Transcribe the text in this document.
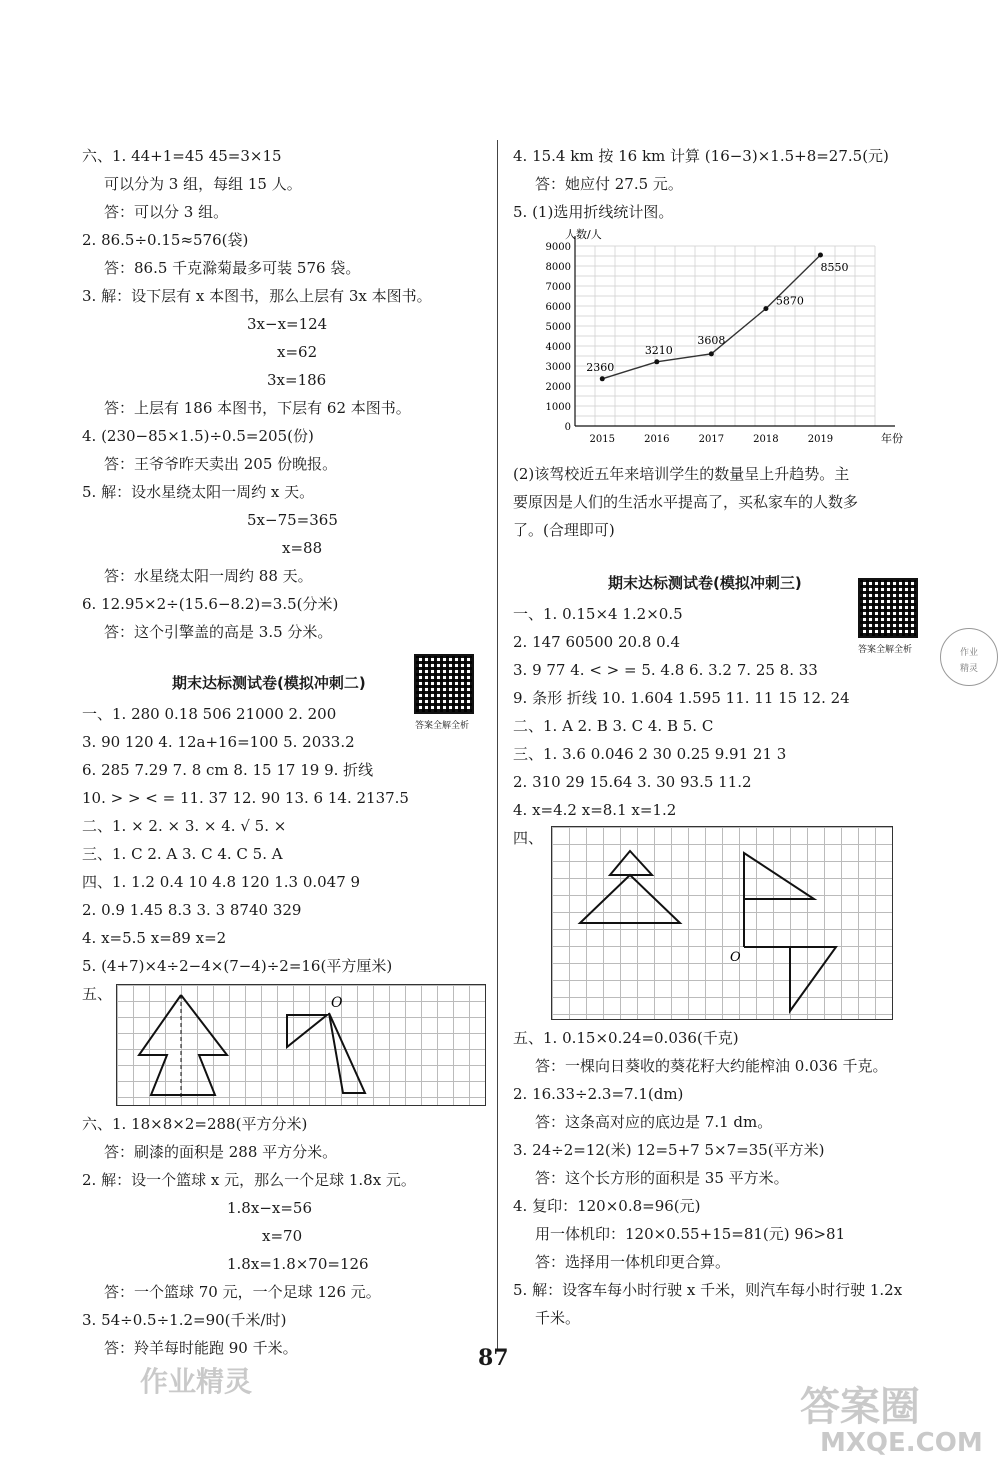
六、1. 44+1=45 45=3×15
可以分为 3 组，每组 15 人。
答：可以分 3 组。
2. 86.5÷0.15≈576(袋)
答：86.5 千克滁菊最多可装 576 袋。
3. 解：设下层有 x 本图书，那么上层有 3x 本图书。
3x−x=124
x=62
3x=186
答：上层有 186 本图书，下层有 62 本图书。
4. (230−85×1.5)÷0.5=205(份)
答：王爷爷昨天卖出 205 份晚报。
5. 解：设水星绕太阳一周约 x 天。
5x−75=365
x=88
答：水星绕太阳一周约 88 天。
6. 12.95×2÷(15.6−8.2)=3.5(分米)
答：这个引擎盖的高是 3.5 分米。
期末达标测试卷(模拟冲刺二)
一、1. 280 0.18 506 21000 2. 200
3. 90 120 4. 12a+16=100 5. 2033.2
6. 285 7.29 7. 8 cm 8. 15 17 19 9. 折线
10. > > < = 11. 37 12. 90 13. 6 14. 2137.5
二、1. × 2. × 3. × 4. √ 5. ×
三、1. C 2. A 3. C 4. C 5. A
四、1. 1.2 0.4 10 4.8 120 1.3 0.047 9
2. 0.9 1.45 8.3 3. 3 8740 329
4. x=5.5 x=89 x=2
5. (4+7)×4÷2−4×(7−4)÷2=16(平方厘米)
五、	O
六、1. 18×8×2=288(平方分米)
答：刷漆的面积是 288 平方分米。
2. 解：设一个篮球 x 元，那么一个足球 1.8x 元。
1.8x−x=56
x=70
1.8x=1.8×70=126
答：一个篮球 70 元，一个足球 126 元。
3. 54÷0.5÷1.2=90(千米/时)
答：羚羊每时能跑 90 千米。
答案全解全析
4. 15.4 km 按 16 km 计算 (16−3)×1.5+8=27.5(元)
答：她应付 27.5 元。
5. (1)选用折线统计图。
0
1000
2000
3000
4000
5000
6000
7000
8000
9000
人数/人
年份
2015	2016	2017	2018	2019
2360
3210
3608
5870
8550
(2)该驾校近五年来培训学生的数量呈上升趋势。主
要原因是人们的生活水平提高了，买私家车的人数多
了。(合理即可)
期末达标测试卷(模拟冲刺三)
一、1. 0.15×4 1.2×0.5
2. 147 60500 20.8 0.4
3. 9 77 4. < > = 5. 4.8 6. 3.2 7. 25 8. 33
9. 条形 折线 10. 1.604 1.595 11. 11 15 12. 24
二、1. A 2. B 3. C 4. B 5. C
三、1. 3.6 0.046 2 30 0.25 9.91 21 3
2. 310 29 15.64 3. 30 93.5 11.2
4. x=4.2 x=8.1 x=1.2
四、
O
五、1. 0.15×0.24=0.036(千克)
答：一棵向日葵收的葵花籽大约能榨油 0.036 千克。
2. 16.33÷2.3=7.1(dm)
答：这条高对应的底边是 7.1 dm。
3. 24÷2=12(米) 12=5+7 5×7=35(平方米)
答：这个长方形的面积是 35 平方米。
4. 复印：120×0.8=96(元)
用一体机印：120×0.55+15=81(元) 96>81
答：选择用一体机印更合算。
5. 解：设客车每小时行驶 x 千米，则汽车每小时行驶 1.2x
千米。
答案全解全析	作业
精灵
87
作业精灵
答案圈
MXQE.COM
